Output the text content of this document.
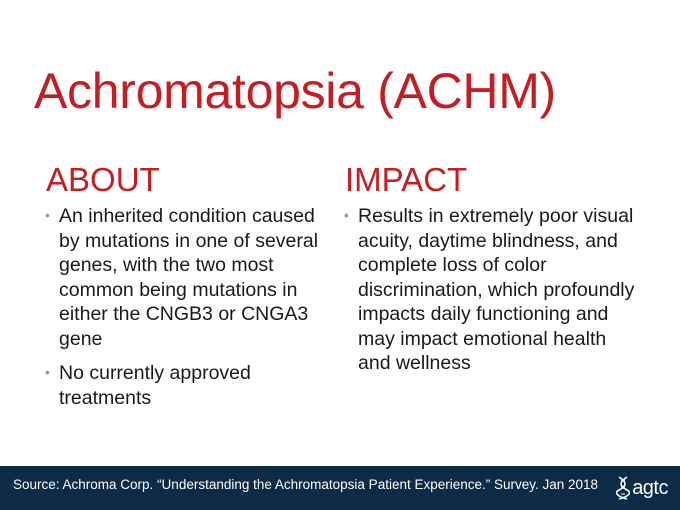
Achromatopsia (ACHM)
ABOUT
• An inherited condition caused by mutations in one of several genes, with the two most common being mutations in either the CNGB3 or CNGA3 gene
• No currently approved treatments
IMPACT
• Results in extremely poor visual acuity, daytime blindness, and complete loss of color discrimination, which profoundly impacts daily functioning and may impact emotional health and wellness
Source: Achroma Corp. “Understanding the Achromatopsia Patient Experience.” Survey. Jan 2018 agtc
